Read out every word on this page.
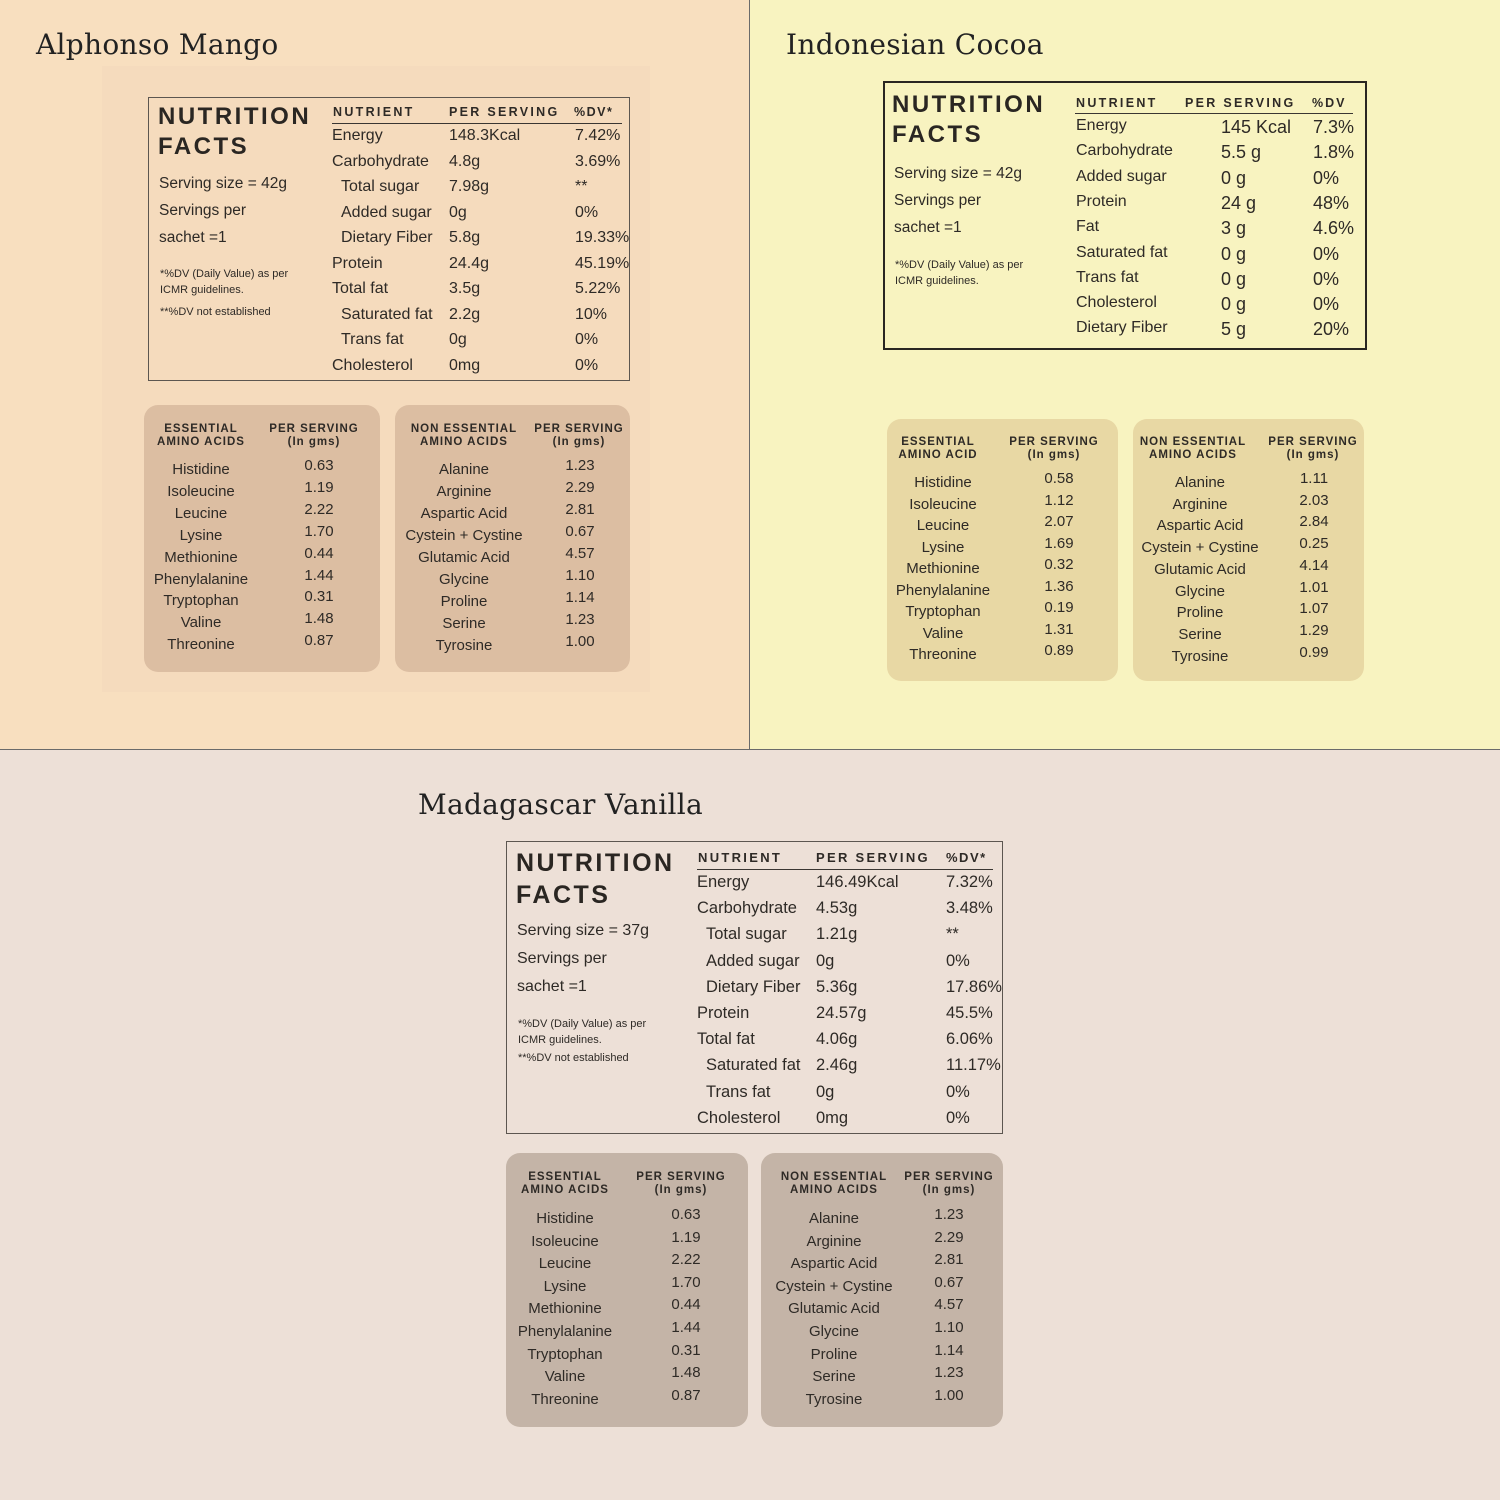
Alphonso Mango
NUTRITION
FACTS
Serving size = 42g
Servings per
sachet =1
*%DV (Daily Value) as per ICMR guidelines.
**%DV not established
NUTRIENT	PER SERVING %DV*
Energy	148.3Kcal	7.42%
Carbohydrate 4.8g	3.69%
Total sugar 7.98g	**
Added sugar 0g	0%
Dietary Fiber 5.8g	19.33%
Protein	24.4g	45.19%
Total fat	3.5g	5.22%
Saturated fat 2.2g	10%
Trans fat	0g	0%
Cholesterol 0mg	0%
ESSENTIAL
AMINO ACIDS
PER SERVING
(In gms)
Histidine	0.63
Isoleucine	1.19
Leucine	2.22
Lysine	1.70
Methionine	0.44
Phenylalanine	1.44
Tryptophan	0.31
Valine	1.48
Threonine	0.87
NON ESSENTIAL
AMINO ACIDS
PER SERVING
(In gms)
Alanine	1.23
Arginine	2.29
Aspartic Acid	2.81
Cystein + Cystine	0.67
Glutamic Acid	4.57
Glycine	1.10
Proline	1.14
Serine	1.23
Tyrosine	1.00
Indonesian Cocoa
NUTRITION
FACTS
Serving size = 42g
Servings per
sachet =1
*%DV (Daily Value) as per ICMR guidelines.
NUTRIENT PER SERVING %DV
Energy	145 Kcal 7.3%
Carbohydrate	5.5 g	1.8%
Added sugar	0 g	0%
Protein	24 g	48%
Fat	3 g	4.6%
Saturated fat	0 g	0%
Trans fat	0 g	0%
Cholesterol	0 g	0%
Dietary Fiber	5 g	20%
ESSENTIAL
AMINO ACID
PER SERVING
(In gms)
Histidine	0.58
Isoleucine	1.12
Leucine	2.07
Lysine	1.69
Methionine	0.32
Phenylalanine	1.36
Tryptophan	0.19
Valine	1.31
Threonine	0.89
NON ESSENTIAL
AMINO ACIDS
PER SERVING
(In gms)
Alanine	1.11
Arginine	2.03
Aspartic Acid	2.84
Cystein + Cystine	0.25
Glutamic Acid	4.14
Glycine	1.01
Proline	1.07
Serine	1.29
Tyrosine	0.99
Madagascar Vanilla
NUTRITION
FACTS
Serving size = 37g
Servings per
sachet =1
*%DV (Daily Value) as per ICMR guidelines.
**%DV not established
NUTRIENT	PER SERVING %DV*
Energy	146.49Kcal	7.32%
Carbohydrate 4.53g	3.48%
Total sugar 1.21g	**
Added sugar 0g	0%
Dietary Fiber 5.36g	17.86%
Protein	24.57g	45.5%
Total fat	4.06g	6.06%
Saturated fat 2.46g	11.17%
Trans fat	0g	0%
Cholesterol 0mg	0%
ESSENTIAL
AMINO ACIDS
PER SERVING
(In gms)
Histidine	0.63
Isoleucine	1.19
Leucine	2.22
Lysine	1.70
Methionine	0.44
Phenylalanine	1.44
Tryptophan	0.31
Valine	1.48
Threonine	0.87
NON ESSENTIAL
AMINO ACIDS
PER SERVING
(In gms)
Alanine	1.23
Arginine	2.29
Aspartic Acid	2.81
Cystein + Cystine	0.67
Glutamic Acid	4.57
Glycine	1.10
Proline	1.14
Serine	1.23
Tyrosine	1.00
